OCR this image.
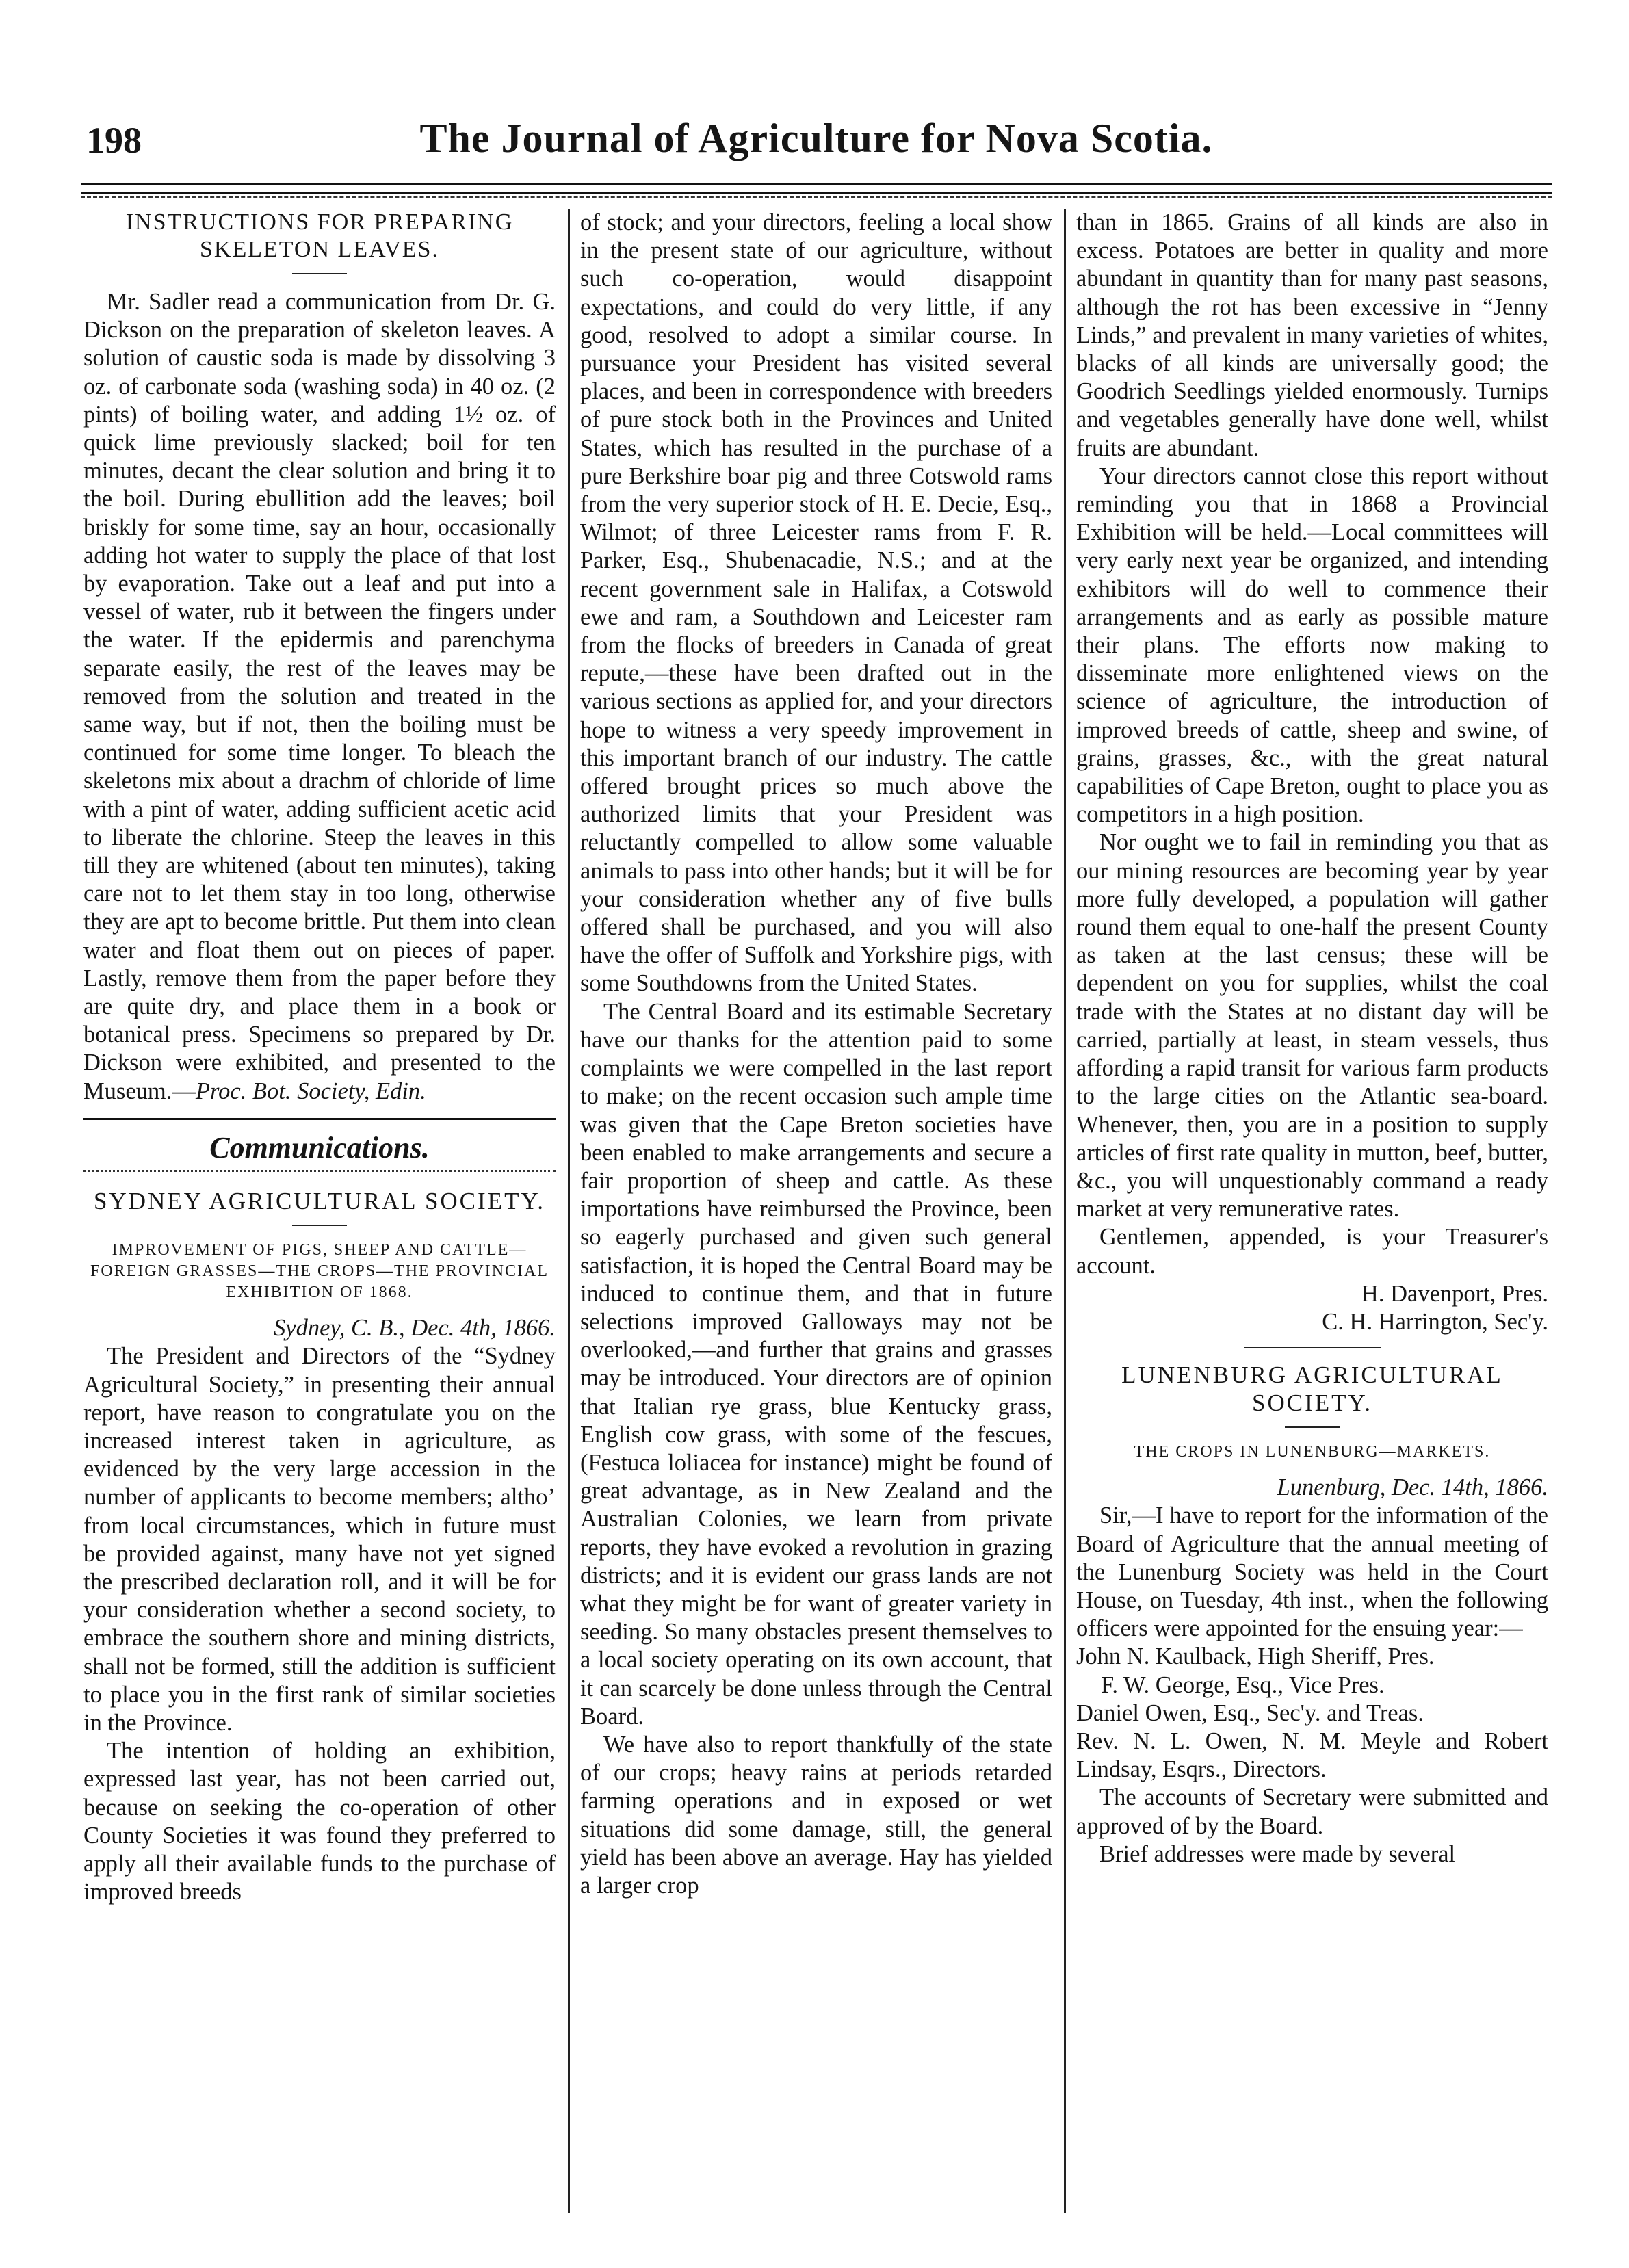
198	The Journal of Agriculture for Nova Scotia.
INSTRUCTIONS FOR PREPARING SKELETON LEAVES.

Mr. Sadler read a communication from Dr. G. Dickson on the preparation of skeleton leaves. A solution of caustic soda is made by dissolving 3 oz. of carbonate soda (washing soda) in 40 oz. (2 pints) of boiling water, and adding 1½ oz. of quick lime previously slacked; boil for ten minutes, decant the clear solution and bring it to the boil. During ebullition add the leaves; boil briskly for some time, say an hour, occasionally adding hot water to supply the place of that lost by evaporation. Take out a leaf and put into a vessel of water, rub it between the fingers under the water. If the epidermis and parenchyma separate easily, the rest of the leaves may be removed from the solution and treated in the same way, but if not, then the boiling must be continued for some time longer. To bleach the skeletons mix about a drachm of chloride of lime with a pint of water, adding sufficient acetic acid to liberate the chlorine. Steep the leaves in this till they are whitened (about ten minutes), taking care not to let them stay in too long, otherwise they are apt to become brittle. Put them into clean water and float them out on pieces of paper. Lastly, remove them from the paper before they are quite dry, and place them in a book or botanical press. Specimens so prepared by Dr. Dickson were exhibited, and presented to the Museum.—Proc. Bot. Society, Edin.

Communications.
SYDNEY AGRICULTURAL SOCIETY.
IMPROVEMENT OF PIGS, SHEEP AND CATTLE—FOREIGN GRASSES—THE CROPS—THE PROVINCIAL EXHIBITION OF 1868.

Sydney, C. B., Dec. 4th, 1866.

The President and Directors of the “Sydney Agricultural Society,” in presenting their annual report, have reason to congratulate you on the increased interest taken in agriculture, as evidenced by the very large accession in the number of applicants to become members; altho’ from local circumstances, which in future must be provided against, many have not yet signed the prescribed declaration roll, and it will be for your consideration whether a second society, to embrace the southern shore and mining districts, shall not be formed, still the addition is sufficient to place you in the first rank of similar societies in the Province.

The intention of holding an exhibition, expressed last year, has not been carried out, because on seeking the co-operation of other County Societies it was found they preferred to apply all their available funds to the purchase of improved breeds

of stock; and your directors, feeling a local show in the present state of our agriculture, without such co-operation, would disappoint expectations, and could do very little, if any good, resolved to adopt a similar course. In pursuance your President has visited several places, and been in correspondence with breeders of pure stock both in the Provinces and United States, which has resulted in the purchase of a pure Berkshire boar pig and three Cotswold rams from the very superior stock of H. E. Decie, Esq., Wilmot; of three Leicester rams from F. R. Parker, Esq., Shubenacadie, N.S.; and at the recent government sale in Halifax, a Cotswold ewe and ram, a Southdown and Leicester ram from the flocks of breeders in Canada of great repute,—these have been drafted out in the various sections as applied for, and your directors hope to witness a very speedy improvement in this important branch of our industry. The cattle offered brought prices so much above the authorized limits that your President was reluctantly compelled to allow some valuable animals to pass into other hands; but it will be for your consideration whether any of five bulls offered shall be purchased, and you will also have the offer of Suffolk and Yorkshire pigs, with some Southdowns from the United States.

The Central Board and its estimable Secretary have our thanks for the attention paid to some complaints we were compelled in the last report to make; on the recent occasion such ample time was given that the Cape Breton societies have been enabled to make arrangements and secure a fair proportion of sheep and cattle. As these importations have reimbursed the Province, been so eagerly purchased and given such general satisfaction, it is hoped the Central Board may be induced to continue them, and that in future selections improved Galloways may not be overlooked,—and further that grains and grasses may be introduced. Your directors are of opinion that Italian rye grass, blue Kentucky grass, English cow grass, with some of the fescues, (Festuca loliacea for instance) might be found of great advantage, as in New Zealand and the Australian Colonies, we learn from private reports, they have evoked a revolution in grazing districts; and it is evident our grass lands are not what they might be for want of greater variety in seeding. So many obstacles present themselves to a local society operating on its own account, that it can scarcely be done unless through the Central Board.

We have also to report thankfully of the state of our crops; heavy rains at periods retarded farming operations and in exposed or wet situations did some damage, still, the general yield has been above an average. Hay has yielded a larger crop

than in 1865. Grains of all kinds are also in excess. Potatoes are better in quality and more abundant in quantity than for many past seasons, although the rot has been excessive in “Jenny Linds,” and prevalent in many varieties of whites, blacks of all kinds are universally good; the Goodrich Seedlings yielded enormously. Turnips and vegetables generally have done well, whilst fruits are abundant.

Your directors cannot close this report without reminding you that in 1868 a Provincial Exhibition will be held.—Local committees will very early next year be organized, and intending exhibitors will do well to commence their arrangements and as early as possible mature their plans. The efforts now making to disseminate more enlightened views on the science of agriculture, the introduction of improved breeds of cattle, sheep and swine, of grains, grasses, &c., with the great natural capabilities of Cape Breton, ought to place you as competitors in a high position.

Nor ought we to fail in reminding you that as our mining resources are becoming year by year more fully developed, a population will gather round them equal to one-half the present County as taken at the last census; these will be dependent on you for supplies, whilst the coal trade with the States at no distant day will be carried, partially at least, in steam vessels, thus affording a rapid transit for various farm products to the large cities on the Atlantic sea-board. Whenever, then, you are in a position to supply articles of first rate quality in mutton, beef, butter, &c., you will unquestionably command a ready market at very remunerative rates.

Gentlemen, appended, is your Treasurer's account.

H. Davenport, Pres.

C. H. Harrington, Sec'y.

LUNENBURG AGRICULTURAL SOCIETY.
THE CROPS IN LUNENBURG—MARKETS.

Lunenburg, Dec. 14th, 1866.

Sir,—I have to report for the information of the Board of Agriculture that the annual meeting of the Lunenburg Society was held in the Court House, on Tuesday, 4th inst., when the following officers were appointed for the ensuing year:—

John N. Kaulback, High Sheriff, Pres.

F. W. George, Esq., Vice Pres.

Daniel Owen, Esq., Sec'y. and Treas.

Rev. N. L. Owen, N. M. Meyle and Robert Lindsay, Esqrs., Directors.

The accounts of Secretary were submitted and approved of by the Board.

Brief addresses were made by several
